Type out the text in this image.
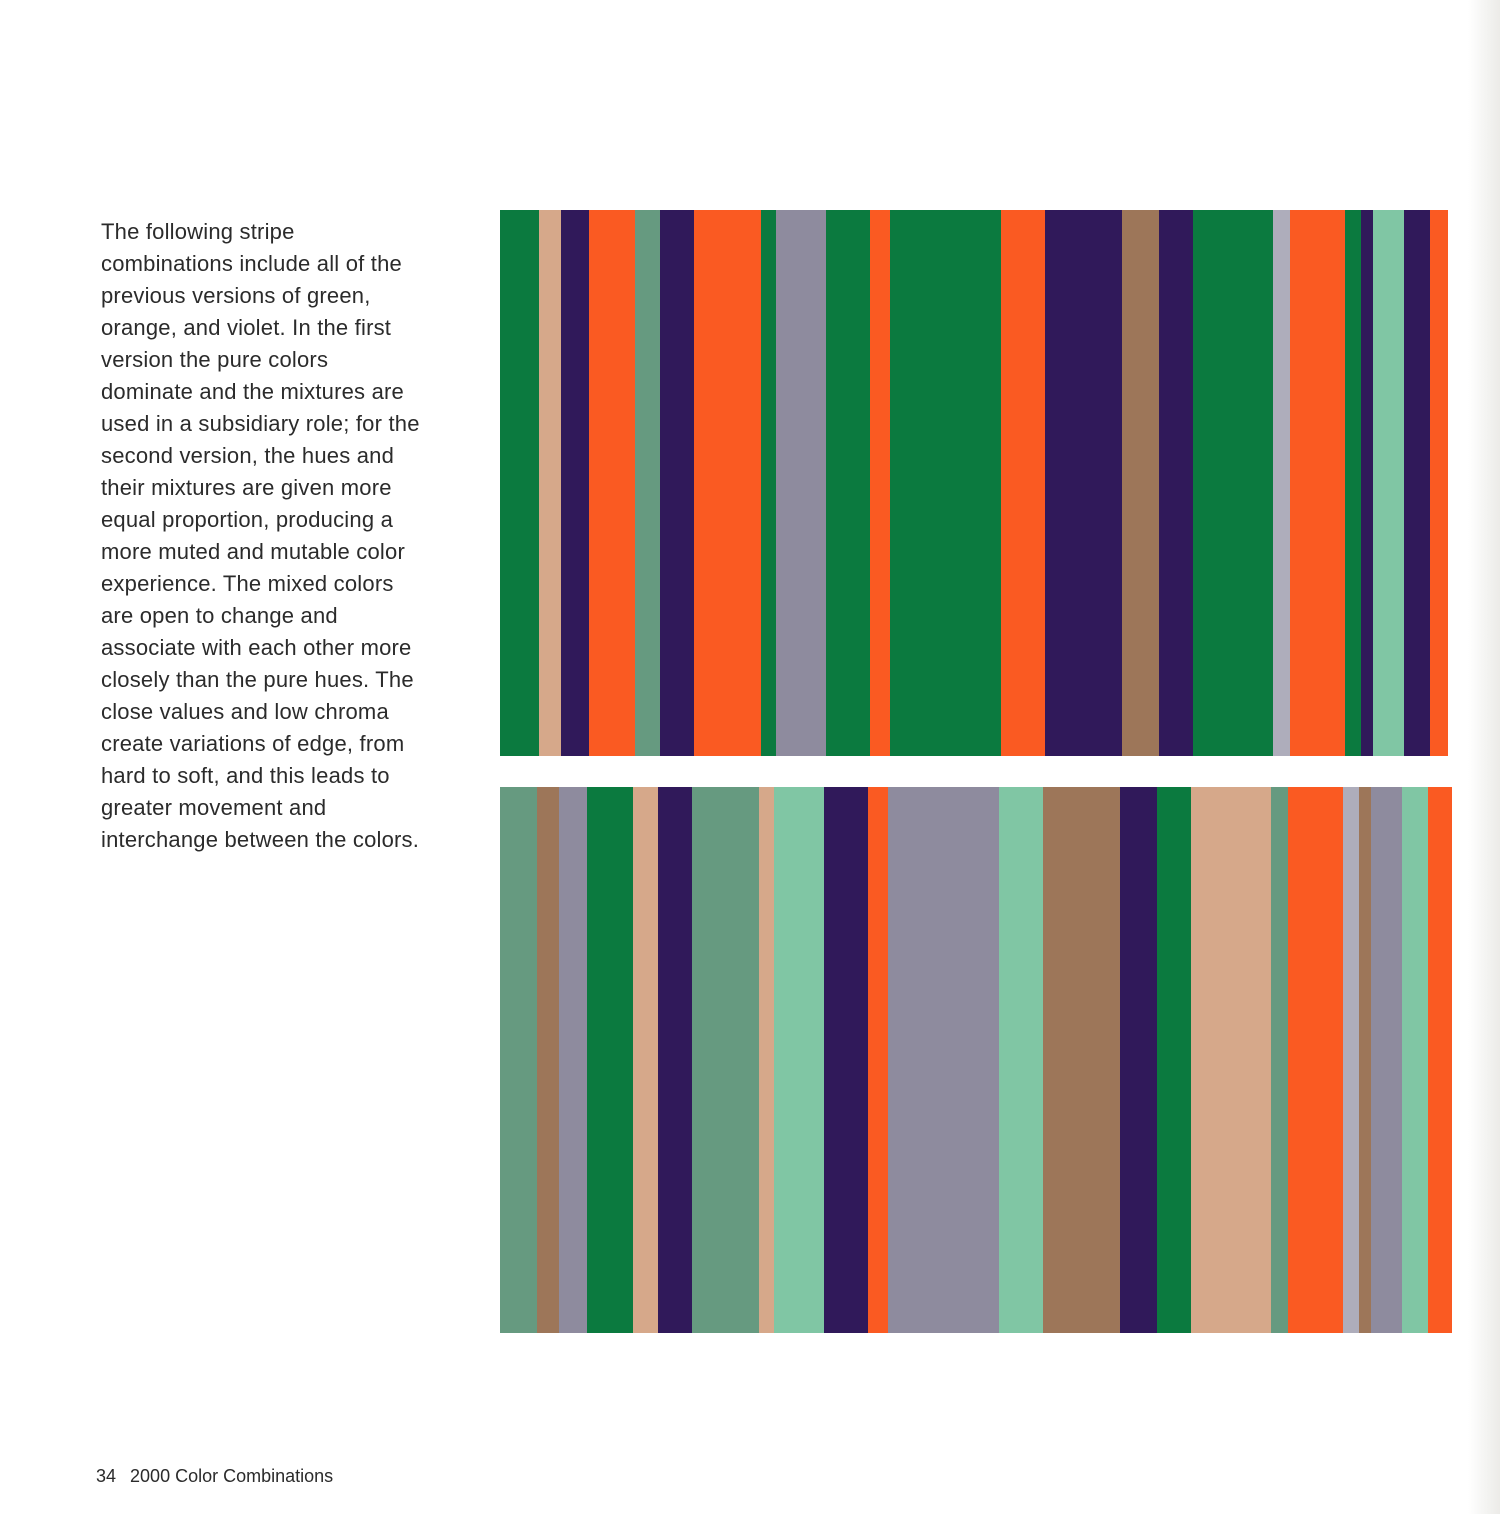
The following stripe
combinations include all of the
previous versions of green,
orange, and violet. In the first
version the pure colors
dominate and the mixtures are
used in a subsidiary role; for the
second version, the hues and
their mixtures are given more
equal proportion, producing a
more muted and mutable color
experience. The mixed colors
are open to change and
associate with each other more
closely than the pure hues. The
close values and low chroma
create variations of edge, from
hard to soft, and this leads to
greater movement and
interchange between the colors.

34 2000 Color Combinations
